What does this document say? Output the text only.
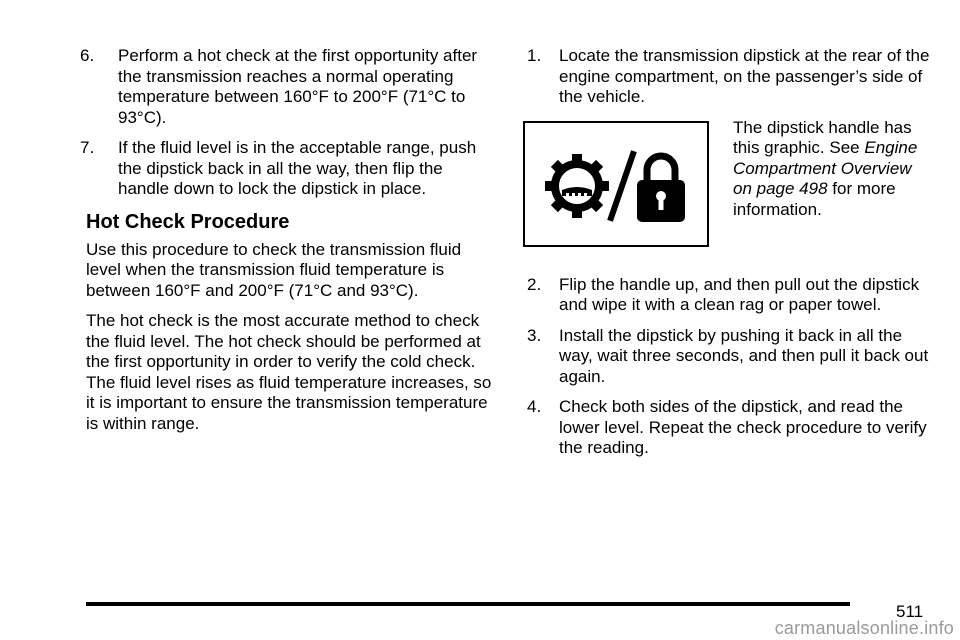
6.	Perform a hot check at the first opportunity after the transmission reaches a normal operating temperature between 160°F to 200°F (71°C to 93°C).
7.	If the fluid level is in the acceptable range, push the dipstick back in all the way, then flip the handle down to lock the dipstick in place.
Hot Check Procedure

Use this procedure to check the transmission fluid level when the transmission fluid temperature is between 160°F and 200°F (71°C and 93°C).

The hot check is the most accurate method to check the fluid level. The hot check should be performed at the first opportunity in order to verify the cold check. The fluid level rises as fluid temperature increases, so it is important to ensure the transmission temperature is within range.

1.	Locate the transmission dipstick at the rear of the engine compartment, on the passenger’s side of the vehicle.
The dipstick handle has this graphic. See Engine Compartment Overview on page 498 for more information.
2.	Flip the handle up, and then pull out the dipstick and wipe it with a clean rag or paper towel.
3.	Install the dipstick by pushing it back in all the way, wait three seconds, and then pull it back out again.
4.	Check both sides of the dipstick, and read the lower level. Repeat the check procedure to verify the reading.
511
carmanualsonline.info
